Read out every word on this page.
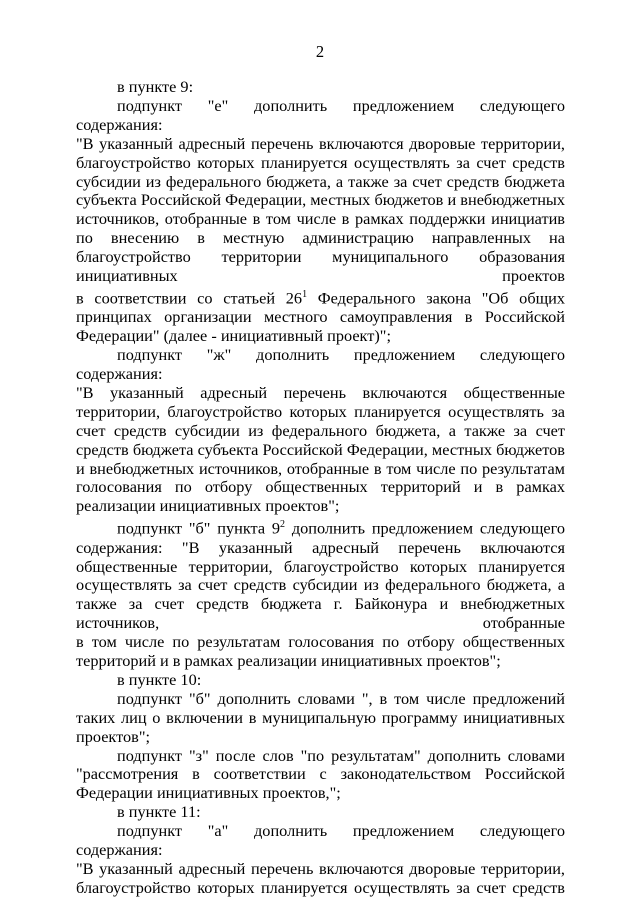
2

в пункте 9:

подпункт "е" дополнить предложением следующего содержания:

"В указанный адресный перечень включаются дворовые территории, благоустройство которых планируется осуществлять за счет средств субсидии из федерального бюджета, а также за счет средств бюджета субъекта Российской Федерации, местных бюджетов и внебюджетных источников, отобранные в том числе в рамках поддержки инициатив по внесению в местную администрацию направленных на благоустройство территории муниципального образования инициативных проектов

в соответствии со статьей $26^1$ Федерального закона "Об общих принципах организации местного самоуправления в Российской Федерации" (далее - инициативный проект)";

подпункт "ж" дополнить предложением следующего содержания:

"В указанный адресный перечень включаются общественные территории, благоустройство которых планируется осуществлять за счет средств субсидии из федерального бюджета, а также за счет средств бюджета субъекта Российской Федерации, местных бюджетов и внебюджетных источников, отобранные в том числе по результатам голосования по отбору общественных территорий и в рамках реализации инициативных проектов";

подпункт "б" пункта $9^2$ дополнить предложением следующего содержания: "В указанный адресный перечень включаются общественные территории, благоустройство которых планируется осуществлять за счет средств субсидии из федерального бюджета, а также за счет средств бюджета г. Байконура и внебюджетных источников, отобранные

в том числе по результатам голосования по отбору общественных территорий и в рамках реализации инициативных проектов";

в пункте 10:

подпункт "б" дополнить словами ", в том числе предложений таких лиц о включении в муниципальную программу инициативных проектов";

подпункт "з" после слов "по результатам" дополнить словами

"рассмотрения в соответствии с законодательством Российской Федерации инициативных проектов,";

в пункте 11:

подпункт "а" дополнить предложением следующего содержания:

"В указанный адресный перечень включаются дворовые территории, благоустройство которых планируется осуществлять за счет средств
